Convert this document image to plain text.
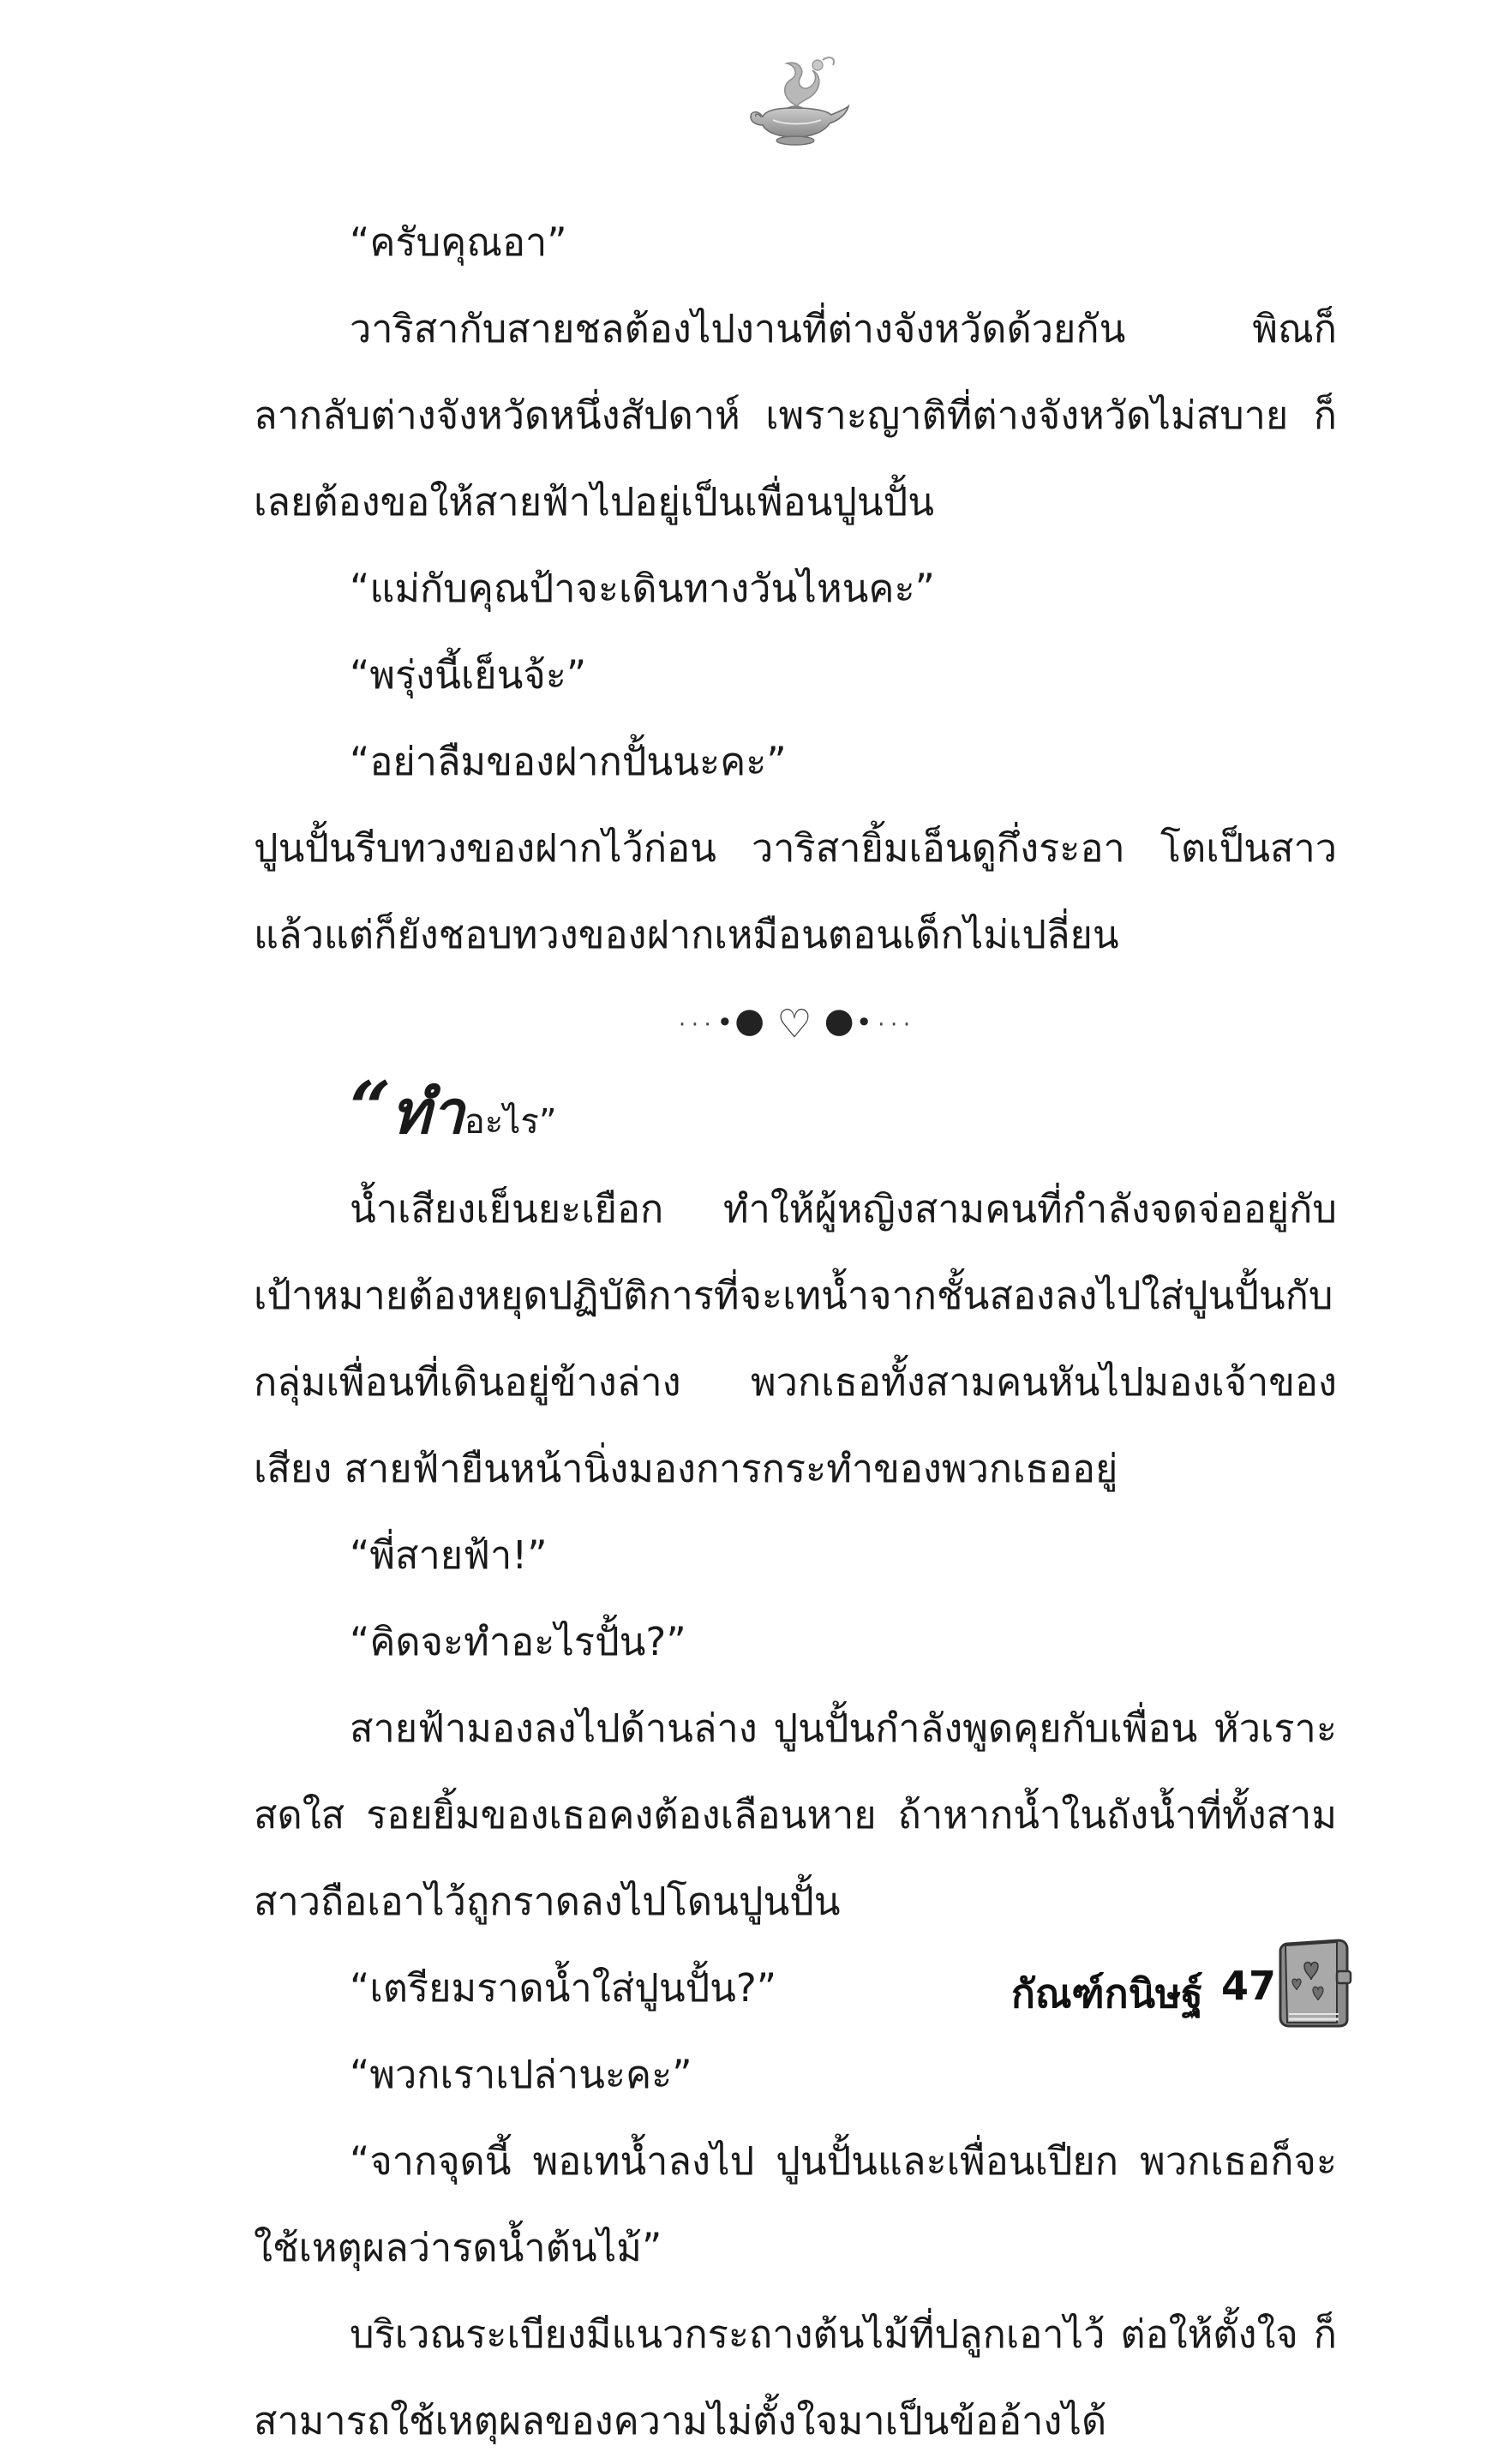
“ครับคุณอา”

วาริสากับสายชลต้องไปงานที่ต่างจังหวัดด้วยกัน พิณก็ลากลับต่างจังหวัดหนึ่งสัปดาห์ เพราะญาติที่ต่างจังหวัดไม่สบาย ก็เลยต้องขอให้สายฟ้าไปอยู่เป็นเพื่อนปูนปั้น

“แม่กับคุณป้าจะเดินทางวันไหนคะ”

“พรุ่งนี้เย็นจ้ะ”

“อย่าลืมของฝากปั้นนะคะ”

ปูนปั้นรีบทวงของฝากไว้ก่อน วาริสายิ้มเอ็นดูกึ่งระอา โตเป็นสาวแล้วแต่ก็ยังชอบทวงของฝากเหมือนตอนเด็กไม่เปลี่ยน

· · · •● ♡ ●• · · ·

“ทำอะไร”

น้ำเสียงเย็นยะเยือก ทำให้ผู้หญิงสามคนที่กำลังจดจ่ออยู่กับเป้าหมายต้องหยุดปฏิบัติการที่จะเทน้ำจากชั้นสองลงไปใส่ปูนปั้นกับกลุ่มเพื่อนที่เดินอยู่ข้างล่าง พวกเธอทั้งสามคนหันไปมองเจ้าของเสียง สายฟ้ายืนหน้านิ่งมองการกระทำของพวกเธออยู่

“พี่สายฟ้า!”

“คิดจะทำอะไรปั้น?”

สายฟ้ามองลงไปด้านล่าง ปูนปั้นกำลังพูดคุยกับเพื่อน หัวเราะสดใส รอยยิ้มของเธอคงต้องเลือนหาย ถ้าหากน้ำในถังน้ำที่ทั้งสามสาวถือเอาไว้ถูกราดลงไปโดนปูนปั้น

“เตรียมราดน้ำใส่ปูนปั้น?”

“พวกเราเปล่านะคะ”

“จากจุดนี้ พอเทน้ำลงไป ปูนปั้นและเพื่อนเปียก พวกเธอก็จะใช้เหตุผลว่ารดน้ำต้นไม้”

บริเวณระเบียงมีแนวกระถางต้นไม้ที่ปลูกเอาไว้ ต่อให้ตั้งใจ ก็สามารถใช้เหตุผลของความไม่ตั้งใจมาเป็นข้ออ้างได้

กัณฑ์กนิษฐ์ 47
